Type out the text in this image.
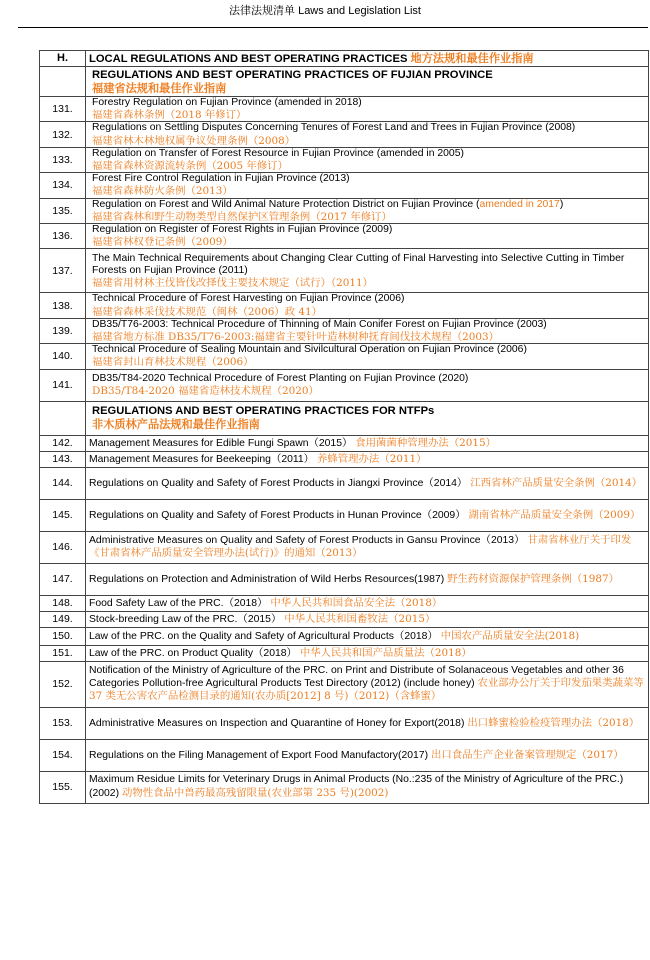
法律法规清单 Laws and Legislation List
H.	LOCAL REGULATIONS AND BEST OPERATING PRACTICES 地方法规和最佳作业指南

	REGULATIONS AND BEST OPERATING PRACTICES OF FUJIAN PROVINCE
福建省法规和最佳作业指南

131.	Forestry Regulation on Fujian Province (amended in 2018)
福建省森林条例（2018 年修订）

132.	Regulations on Settling Disputes Concerning Tenures of Forest Land and Trees in Fujian Province (2008)
福建省林木林地权属争议处理条例（2008）

133.	Regulation on Transfer of Forest Resource in Fujian Province (amended in 2005)
福建省森林资源流转条例（2005 年修订）

134.	Forest Fire Control Regulation in Fujian Province (2013)
福建省森林防火条例（2013）

135.	Regulation on Forest and Wild Animal Nature Protection District on Fujian Province (amended in 2017)
福建省森林和野生动物类型自然保护区管理条例（2017 年修订）

136.	Regulation on Register of Forest Rights in Fujian Province (2009)
福建省林权登记条例（2009）

137.	The Main Technical Requirements about Changing Clear Cutting of Final Harvesting into Selective Cutting in Timber Forests on Fujian Province (2011)
福建省用材林主伐皆伐改择伐主要技术规定（试行）（2011）

138.	Technical Procedure of Forest Harvesting on Fujian Province (2006)
福建省森林采伐技术规范（闽林（2006）政 41）

139.	DB35/T76-2003: Technical Procedure of Thinning of Main Conifer Forest on Fujian Province (2003)
福建省地方标准 DB35/T76-2003:福建省主要针叶造林树种抚育间伐技术规程（2003）

140.	Technical Procedure of Sealing Mountain and Sivilcultural Operation on Fujian Province (2006)
福建省封山育林技术规程（2006）

141.	DB35/T84-2020 Technical Procedure of Forest Planting on Fujian Province (2020)
DB35/T84-2020 福建省造林技术规程（2020）

	REGULATIONS AND BEST OPERATING PRACTICES FOR NTFPs
非木质林产品法规和最佳作业指南

142.	Management Measures for Edible Fungi Spawn（2015） 食用菌菌种管理办法（2015）
143.	Management Measures for Beekeeping（2011） 养蜂管理办法（2011）
144.	Regulations on Quality and Safety of Forest Products in Jiangxi Province（2014） 江西省林产品质量安全条例（2014）
145.	Regulations on Quality and Safety of Forest Products in Hunan Province（2009） 湖南省林产品质量安全条例（2009）
146.	Administrative Measures on Quality and Safety of Forest Products in Gansu Province（2013） 甘肃省林业厅关于印发《甘肃省林产品质量安全管理办法(试行)》的通知（2013）
147.	Regulations on Protection and Administration of Wild Herbs Resources(1987) 野生药材资源保护管理条例（1987）
148.	Food Safety Law of the PRC.（2018） 中华人民共和国食品安全法（2018）
149.	Stock-breeding Law of the PRC.（2015） 中华人民共和国畜牧法（2015）
150.	Law of the PRC. on the Quality and Safety of Agricultural Products（2018） 中国农产品质量安全法(2018)
151.	Law of the PRC. on Product Quality（2018） 中华人民共和国产品质量法（2018）
152.	Notification of the Ministry of Agriculture of the PRC. on Print and Distribute of Solanaceous Vegetables and other 36 Categories Pollution-free Agricultural Products Test Directory (2012) (include honey) 农业部办公厅关于印发茄果类蔬菜等 37 类无公害农产品检测目录的通知(农办质[2012] 8 号)（2012)（含蜂蜜）
153.	Administrative Measures on Inspection and Quarantine of Honey for Export(2018) 出口蜂蜜检验检疫管理办法（2018）
154.	Regulations on the Filing Management of Export Food Manufactory(2017) 出口食品生产企业备案管理规定（2017）
155.	Maximum Residue Limits for Veterinary Drugs in Animal Products (No.:235 of the Ministry of Agriculture of the PRC.) (2002) 动物性食品中兽药最高残留限量(农业部第 235 号)(2002)
